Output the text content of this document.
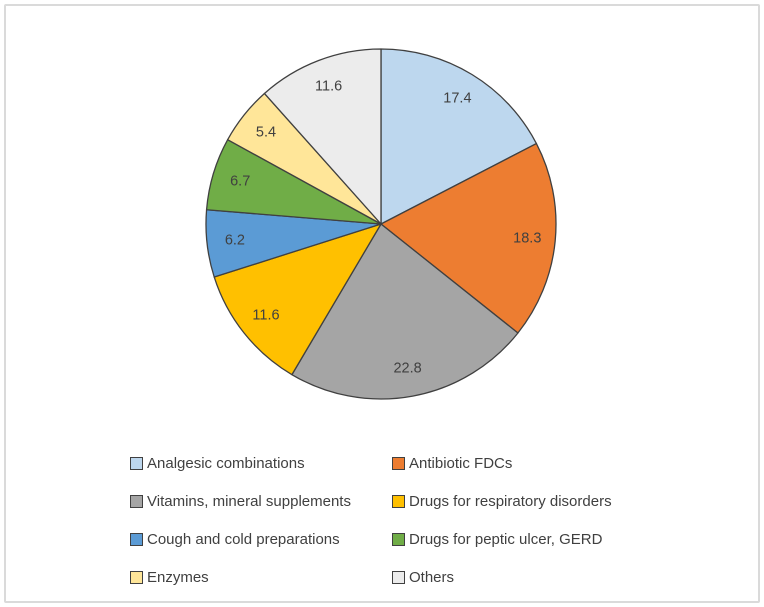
17.4
18.3
22.8
11.6
6.2
6.7
5.4
11.6
Analgesic combinations	Antibiotic FDCs
Vitamins, mineral supplements	Drugs for respiratory disorders
Cough and cold preparations	Drugs for peptic ulcer, GERD
Enzymes	Others
